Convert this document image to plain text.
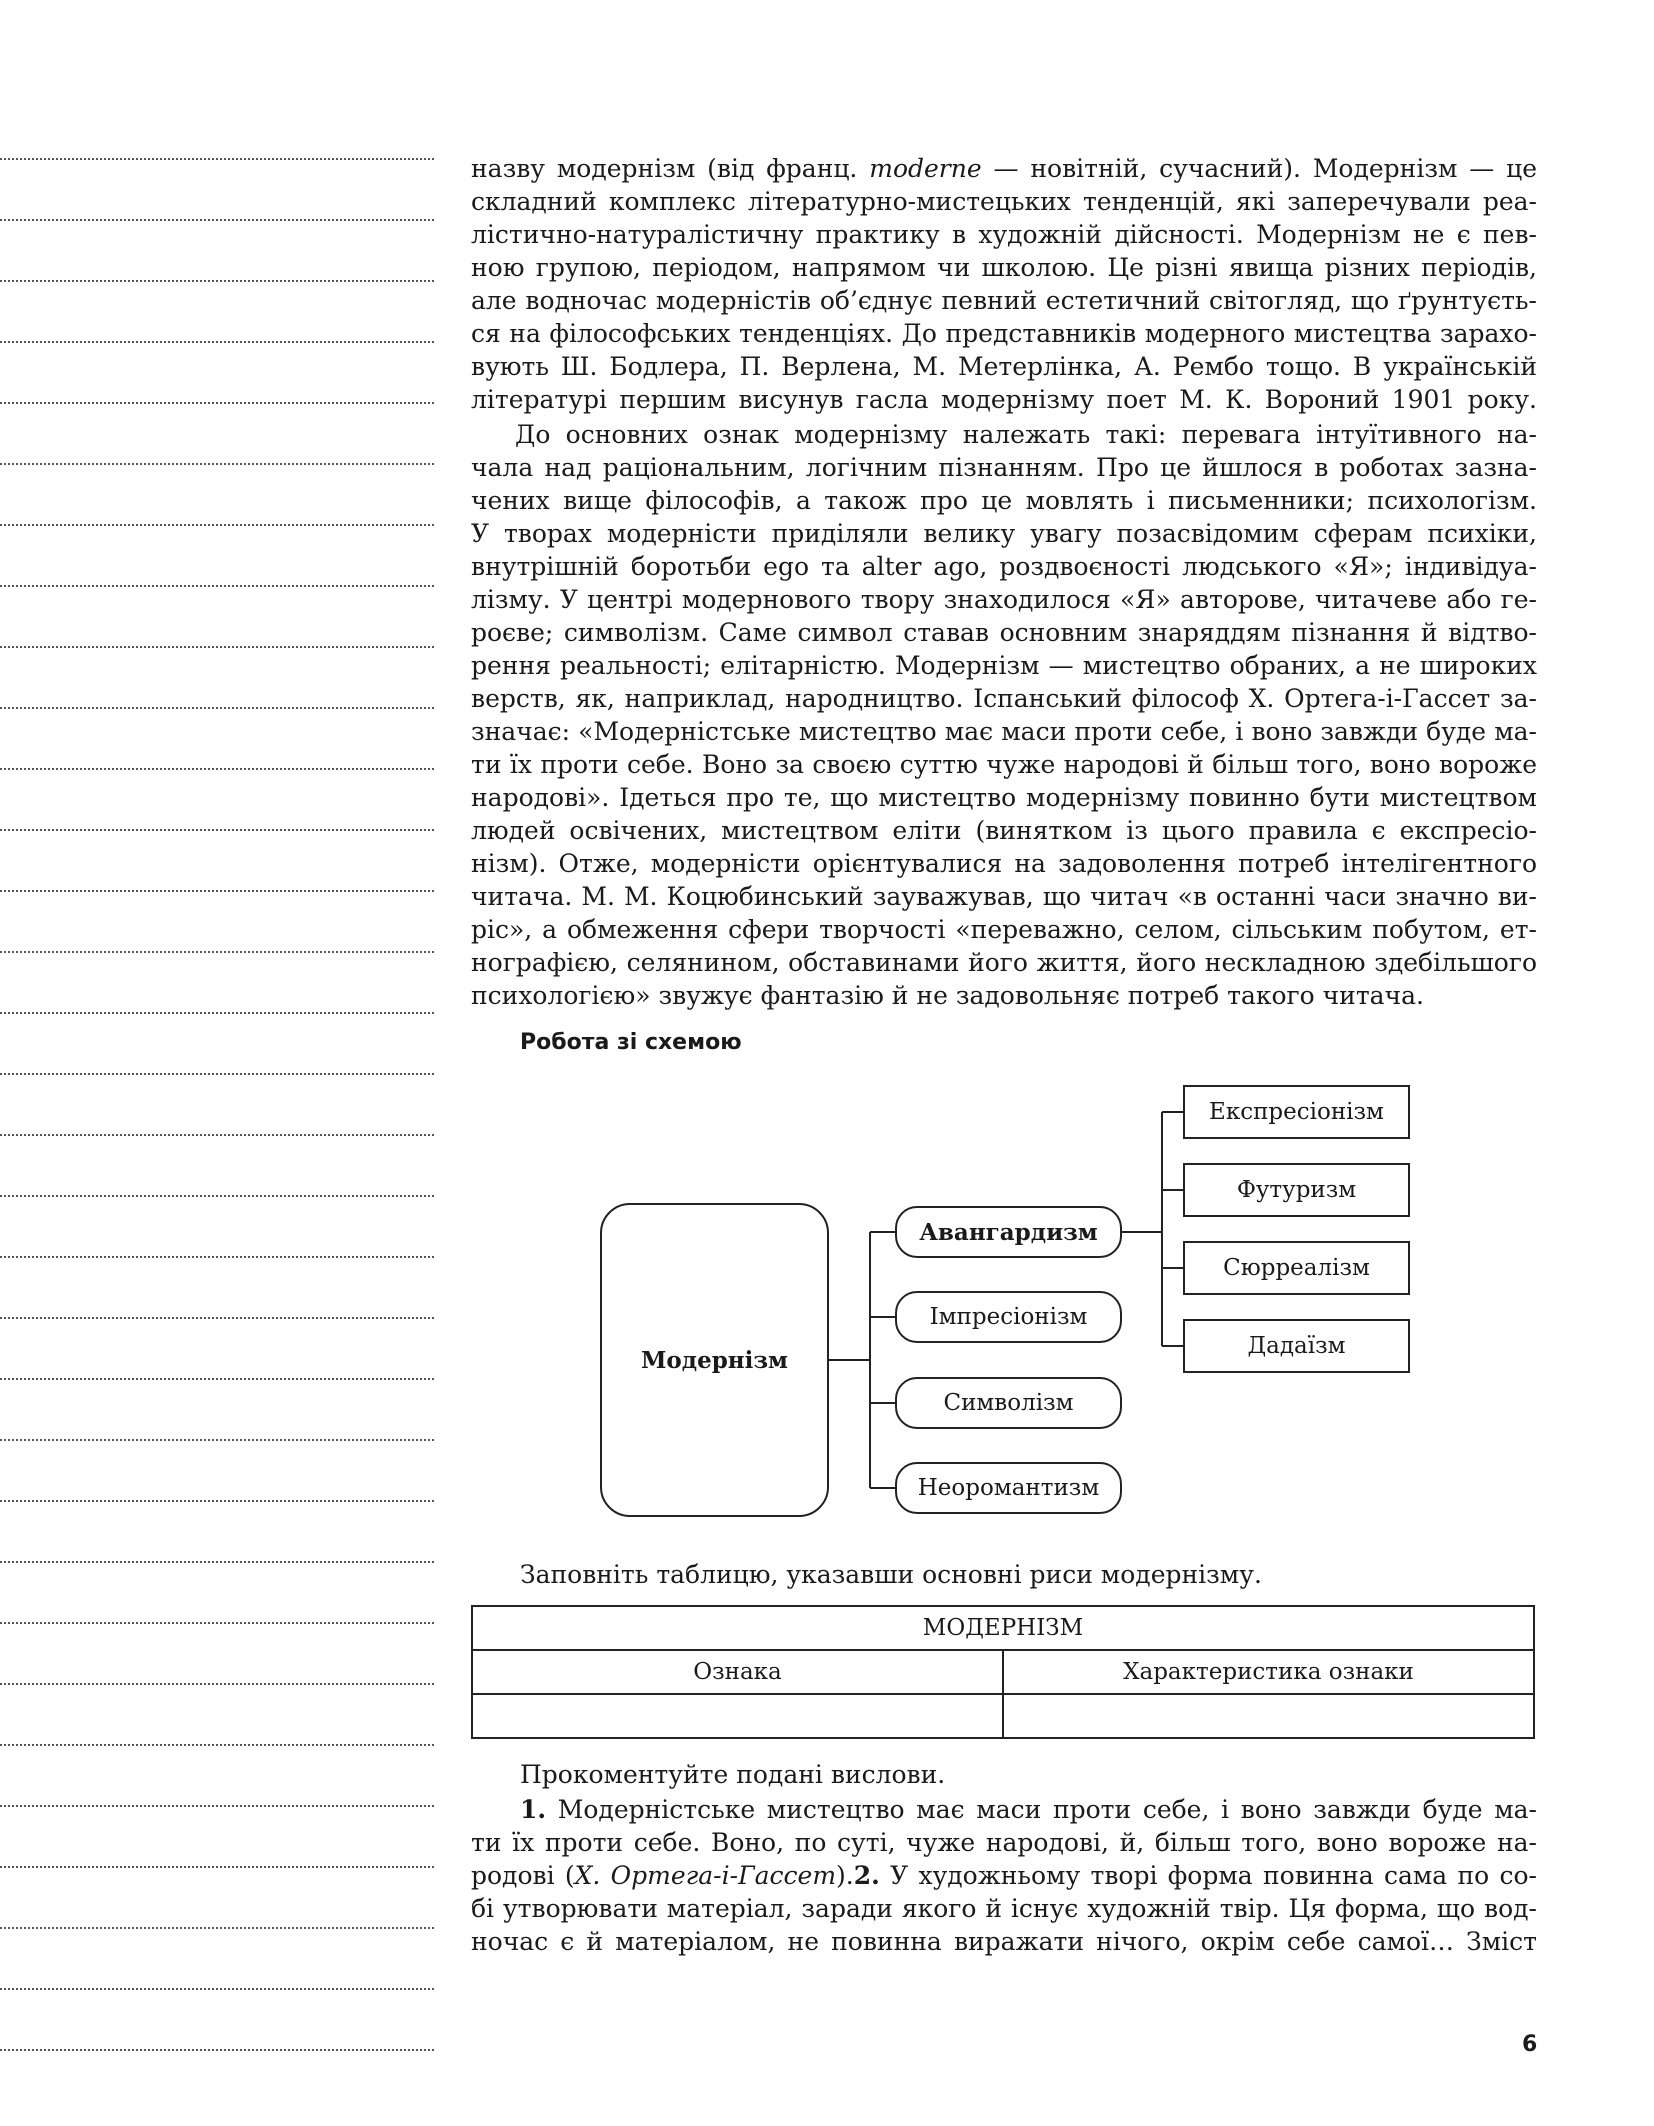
назву модернізм (від франц. moderne — новітній, сучасний). Модернізм — це
складний комплекс літературно-мистецьких тенденцій, які заперечували реа-
лістично-натуралістичну практику в художній дійсності. Модернізм не є пев-
ною групою, періодом, напрямом чи школою. Це різні явища різних періодів,
але водночас модерністів об’єднує певний естетичний світогляд, що ґрунтуєть-
ся на філософських тенденціях. До представників модерного мистецтва зарахо-
вують Ш. Бодлера, П. Верлена, М. Метерлінка, А. Рембо тощо. В українській
літературі першим висунув гасла модернізму поет М. К. Вороний 1901 року.
До основних ознак модернізму належать такі: перевага інтуїтивного на-
чала над раціональним, логічним пізнанням. Про це йшлося в роботах зазна-
чених вище філософів, а також про це мовлять і письменники; психологізм.
У творах модерністи приділяли велику увагу позасвідомим сферам психіки,
внутрішній боротьби ego та alter ago, роздвоєності людського «Я»; індивідуа-
лізму. У центрі модернового твору знаходилося «Я» авторове, читачеве або ге-
роєве; символізм. Саме символ ставав основним знаряддям пізнання й відтво-
рення реальності; елітарністю. Модернізм — мистецтво обраних, а не широких
верств, як, наприклад, народництво. Іспанський філософ Х. Ортега-і-Гассет за-
значає: «Модерністське мистецтво має маси проти себе, і воно завжди буде ма-
ти їх проти себе. Воно за своєю суттю чуже народові й більш того, воно вороже
народові». Ідеться про те, що мистецтво модернізму повинно бути мистецтвом
людей освічених, мистецтвом еліти (винятком із цього правила є експресіо-
нізм). Отже, модерністи орієнтувалися на задоволення потреб інтелігентного
читача. М. М. Коцюбинський зауважував, що читач «в останні часи значно ви-
ріс», а обмеження сфери творчості «переважно, селом, сільським побутом, ет-
нографією, селянином, обставинами його життя, його нескладною здебільшого
психологією» звужує фантазію й не задовольняє потреб такого читача.
Робота зі схемою
Модернізм
Авангардизм
Імпресіонізм
Символізм
Неоромантизм
Експресіонізм
Футуризм
Сюрреалізм
Дадаїзм
Заповніть таблицю, указавши основні риси модернізму.
МОДЕРНІЗМ	
Ознака	Характеристика ознаки

Прокоментуйте подані вислови.
1. Модерністське мистецтво має маси проти себе, і воно завжди буде ма-
ти їх проти себе. Воно, по суті, чуже народові, й, більш того, воно вороже на-
родові (Х. Ортега-і-Гассет).2. У художньому творі форма повинна сама по со-
бі утворювати матеріал, заради якого й існує художній твір. Ця форма, що вод-
ночас є й матеріалом, не повинна виражати нічого, окрім себе самої… Зміст
6
